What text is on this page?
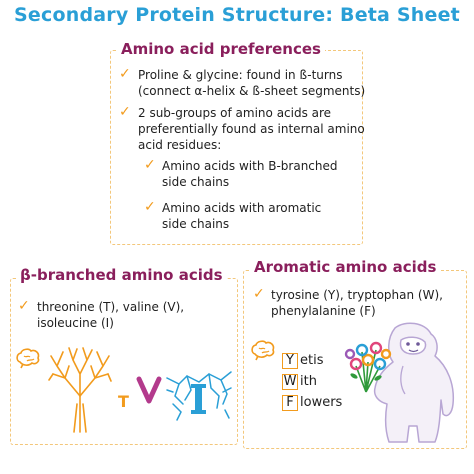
Secondary Protein Structure: Beta Sheet
Amino acid preferences
✓ Proline & glycine: found in ß-turns
(connect α-helix & ß-sheet segments)
✓ 2 sub-groups of amino acids are
preferentially found as internal amino
acid residues:
✓ Amino acids with B-branched
side chains
✓ Amino acids with aromatic
side chains
β-branched amino acids
✓ threonine (T), valine (V),
isoleucine (I)
T
Aromatic amino acids
✓ tyrosine (Y), tryptophan (W),
phenylalanine (F)
Y etis
W ith
F lowers
